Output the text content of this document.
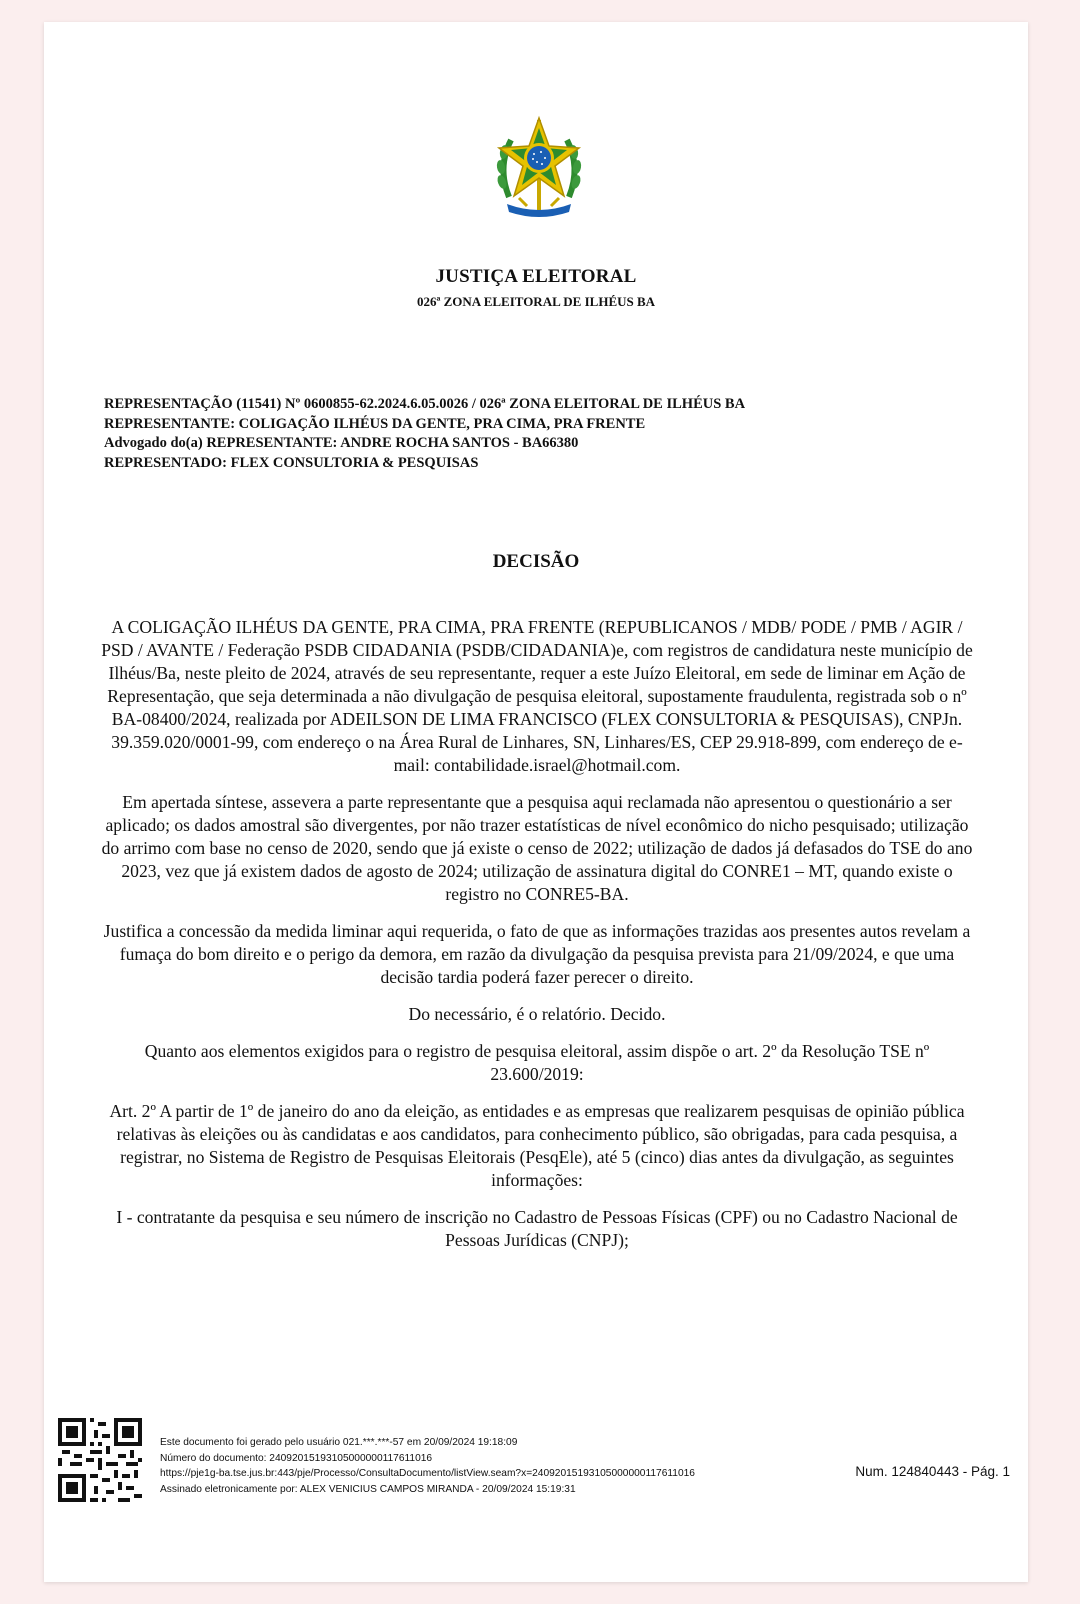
JUSTIÇA ELEITORAL
026ª ZONA ELEITORAL DE ILHÉUS BA
REPRESENTAÇÃO (11541) Nº 0600855-62.2024.6.05.0026 / 026ª ZONA ELEITORAL DE ILHÉUS BA
REPRESENTANTE: COLIGAÇÃO ILHÉUS DA GENTE, PRA CIMA, PRA FRENTE
Advogado do(a) REPRESENTANTE: ANDRE ROCHA SANTOS - BA66380
REPRESENTADO: FLEX CONSULTORIA & PESQUISAS
DECISÃO

A COLIGAÇÃO ILHÉUS DA GENTE, PRA CIMA, PRA FRENTE (REPUBLICANOS / MDB/ PODE / PMB / AGIR / PSD / AVANTE / Federação PSDB CIDADANIA (PSDB/CIDADANIA)e, com registros de candidatura neste município de Ilhéus/Ba, neste pleito de 2024, através de seu representante, requer a este Juízo Eleitoral, em sede de liminar em Ação de Representação, que seja determinada a não divulgação de pesquisa eleitoral, supostamente fraudulenta, registrada sob o nº BA-08400/2024, realizada por ADEILSON DE LIMA FRANCISCO (FLEX CONSULTORIA & PESQUISAS), CNPJn. 39.359.020/0001-99, com endereço o na Área Rural de Linhares, SN, Linhares/ES, CEP 29.918-899, com endereço de e-mail: contabilidade.israel@hotmail.com.

Em apertada síntese, assevera a parte representante que a pesquisa aqui reclamada não apresentou o questionário a ser aplicado; os dados amostral são divergentes, por não trazer estatísticas de nível econômico do nicho pesquisado; utilização do arrimo com base no censo de 2020, sendo que já existe o censo de 2022; utilização de dados já defasados do TSE do ano 2023, vez que já existem dados de agosto de 2024; utilização de assinatura digital do CONRE1 – MT, quando existe o registro no CONRE5-BA.

Justifica a concessão da medida liminar aqui requerida, o fato de que as informações trazidas aos presentes autos revelam a fumaça do bom direito e o perigo da demora, em razão da divulgação da pesquisa prevista para 21/09/2024, e que uma decisão tardia poderá fazer perecer o direito.

Do necessário, é o relatório. Decido.

Quanto aos elementos exigidos para o registro de pesquisa eleitoral, assim dispõe o art. 2º da Resolução TSE nº 23.600/2019:

Art. 2º A partir de 1º de janeiro do ano da eleição, as entidades e as empresas que realizarem pesquisas de opinião pública relativas às eleições ou às candidatas e aos candidatos, para conhecimento público, são obrigadas, para cada pesquisa, a registrar, no Sistema de Registro de Pesquisas Eleitorais (PesqEle), até 5 (cinco) dias antes da divulgação, as seguintes informações:

I - contratante da pesquisa e seu número de inscrição no Cadastro de Pessoas Físicas (CPF) ou no Cadastro Nacional de Pessoas Jurídicas (CNPJ);

Este documento foi gerado pelo usuário 021.***.***-57 em 20/09/2024 19:18:09
Número do documento: 24092015193105000000117611016
https://pje1g-ba.tse.jus.br:443/pje/Processo/ConsultaDocumento/listView.seam?x=24092015193105000000117611016
Assinado eletronicamente por: ALEX VENICIUS CAMPOS MIRANDA - 20/09/2024 15:19:31
Num. 124840443 - Pág. 1
